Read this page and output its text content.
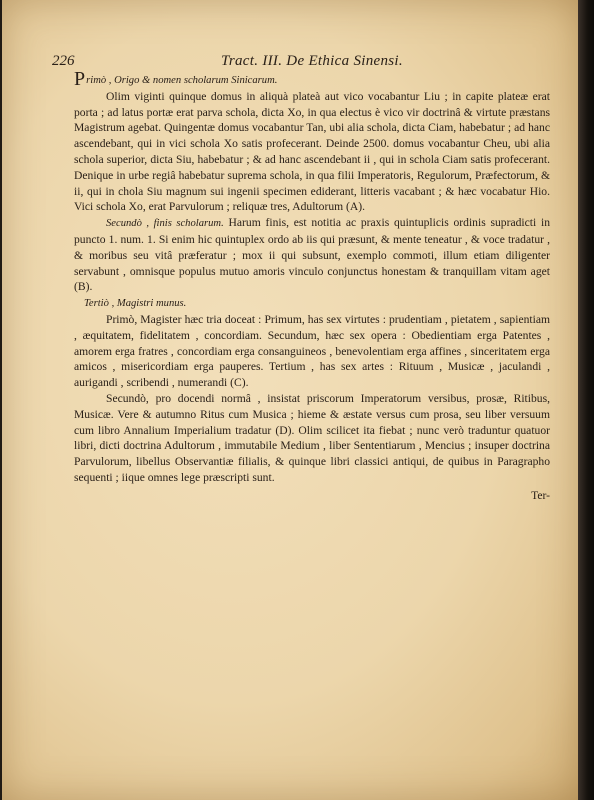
226	Tract. III. De Ethica Sinensi.
Primò , Origo & nomen scholarum Sinicarum.

Olim viginti quinque domus in aliquà plateà aut vico vocabantur Liu ; in capite plateæ erat porta ; ad latus portæ erat parva schola, dicta Xo, in qua electus è vico vir doctrinâ & virtute præstans Magistrum agebat. Quingentæ domus vocabantur Tan, ubi alia schola, dicta Ciam, habebatur ; ad hanc ascendebant, qui in vici schola Xo satis profecerant. Deinde 2500. domus vocabantur Cheu, ubi alia schola superior, dicta Siu, habebatur ; & ad hanc ascendebant ii , qui in schola Ciam satis profecerant. Denique in urbe regiâ habebatur suprema schola, in qua filii Imperatoris, Regulorum, Præfectorum, & ii, qui in chola Siu magnum sui ingenii specimen ediderant, litteris vacabant ; & hæc vocabatur Hio. Vici schola Xo, erat Parvulorum ; reliquæ tres, Adultorum (A).

Secundò , finis scholarum. Harum finis, est notitia ac praxis quintuplicis ordinis supradicti in puncto 1. num. 1. Si enim hic quintuplex ordo ab iis qui præsunt, & mente teneatur , & voce tradatur , & moribus seu vitâ præferatur ; mox ii qui subsunt, exemplo commoti, illum etiam diligenter servabunt , omnisque populus mutuo amoris vinculo conjunctus honestam & tranquillam vitam aget (B).

Tertiò , Magistri munus.

Primò, Magister hæc tria doceat : Primum, has sex virtutes : prudentiam , pietatem , sapientiam , æquitatem, fidelitatem , concordiam. Secundum, hæc sex opera : Obedientiam erga Patentes , amorem erga fratres , concordiam erga consanguineos , benevolentiam erga affines , sinceritatem erga amicos , misericordiam erga pauperes. Tertium , has sex artes : Rituum , Musicæ , jaculandi , aurigandi , scribendi , numerandi (C).

Secundò, pro docendi normâ , insistat priscorum Imperatorum versibus, prosæ, Ritibus, Musicæ. Vere & autumno Ritus cum Musica ; hieme & æstate versus cum prosa, seu liber versuum cum libro Annalium Imperialium tradatur (D). Olim scilicet ita fiebat ; nunc verò traduntur quatuor libri, dicti doctrina Adultorum , immutabile Medium , liber Sententiarum , Mencius ; insuper doctrina Parvulorum, libellus Observantiæ filialis, & quinque libri classici antiqui, de quibus in Paragrapho sequenti ; iique omnes lege præscripti sunt.

Ter-
